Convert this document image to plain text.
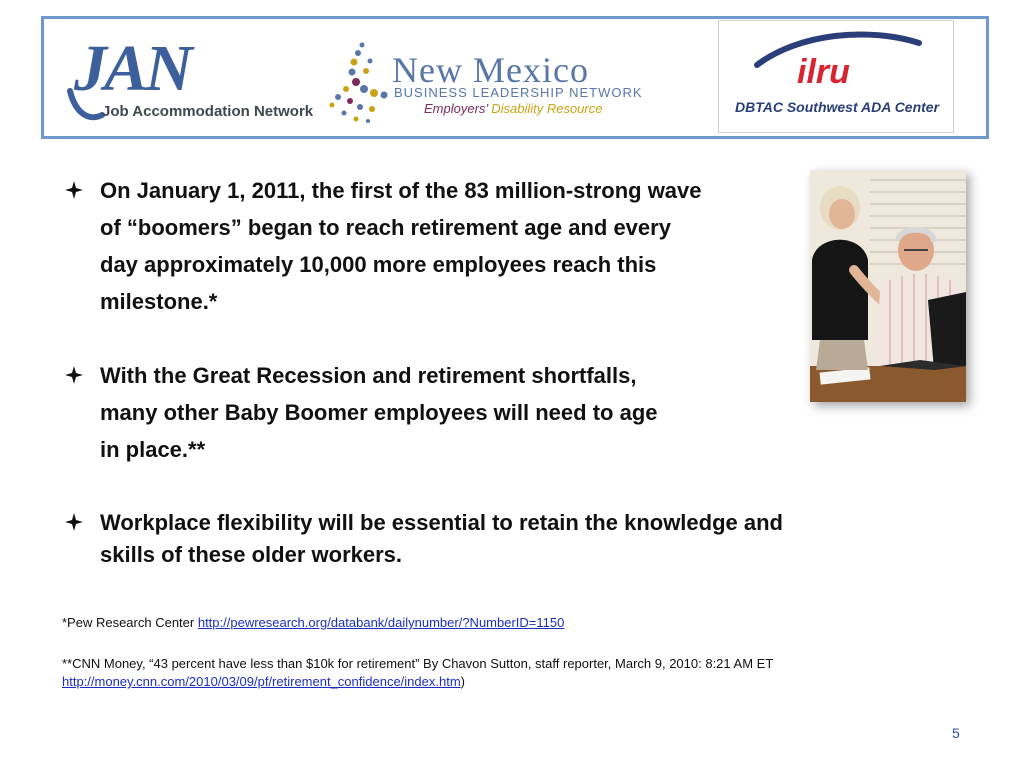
JAN
Job Accommodation Network
New Mexico
BUSINESS LEADERSHIP NETWORK
Employers’ Disability Resource
ilru
DBTAC Southwest ADA Center
On January 1, 2011, the first of the 83 million-strong wave
of “boomers” began to reach retirement age and every
day approximately 10,000 more employees reach this
milestone.*
With the Great Recession and retirement shortfalls,
many other Baby Boomer employees will need to age
in place.**
Workplace flexibility will be essential to retain the knowledge and
skills of these older workers.
*Pew Research Center http://pewresearch.org/databank/dailynumber/?NumberID=1150
**CNN Money, “43 percent have less than $10k for retirement” By Chavon Sutton, staff reporter, March 9, 2010: 8:21 AM ET
http://money.cnn.com/2010/03/09/pf/retirement_confidence/index.htm)
5
